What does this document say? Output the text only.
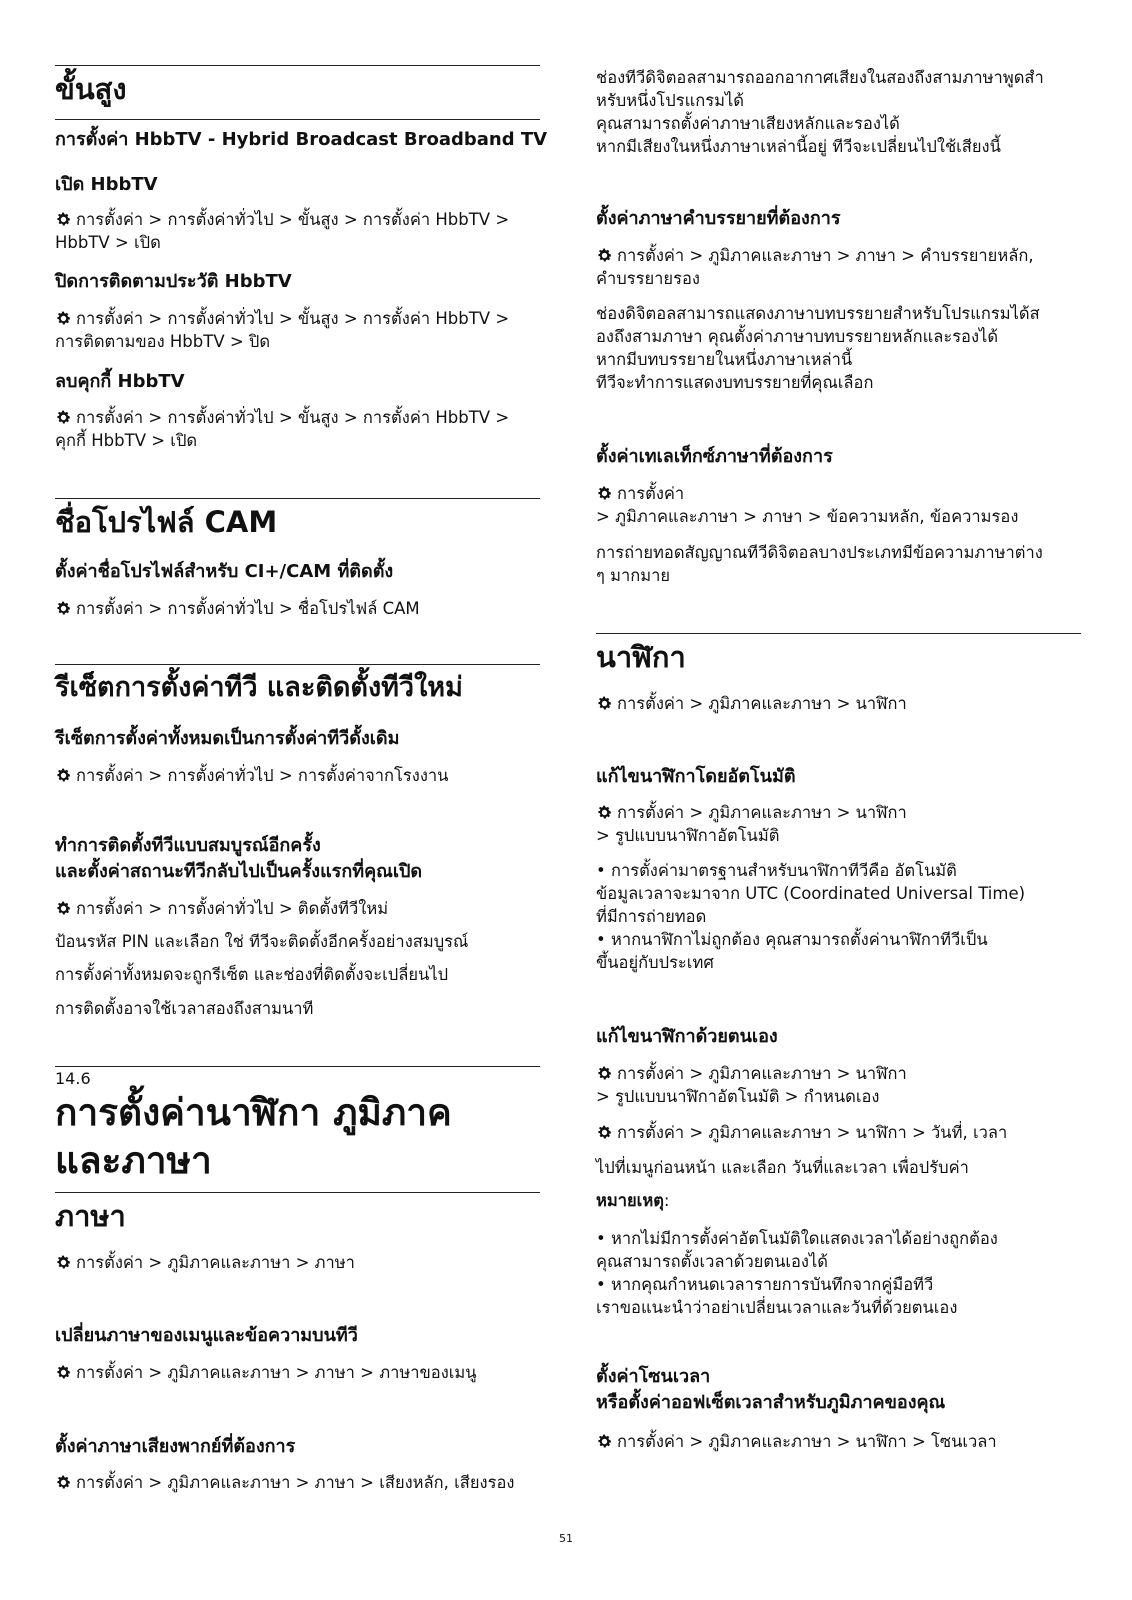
ขั้นสูง
การตั้งค่า HbbTV - Hybrid Broadcast Broadband TV
เปิด HbbTV
การตั้งค่า > การตั้งค่าทั่วไป > ขั้นสูง > การตั้งค่า HbbTV >
HbbTV > เปิด
ปิดการติดตามประวัติ HbbTV
การตั้งค่า > การตั้งค่าทั่วไป > ขั้นสูง > การตั้งค่า HbbTV >
การติดตามของ HbbTV > ปิด
ลบคุกกี้ HbbTV
การตั้งค่า > การตั้งค่าทั่วไป > ขั้นสูง > การตั้งค่า HbbTV >
คุกกี้ HbbTV > เปิด
ชื่อโปรไฟล์ CAM
ตั้งค่าชื่อโปรไฟล์สำหรับ CI+/CAM ที่ติดตั้ง
การตั้งค่า > การตั้งค่าทั่วไป > ชื่อโปรไฟล์ CAM
รีเซ็ตการตั้งค่าทีวี และติดตั้งทีวีใหม่
รีเซ็ตการตั้งค่าทั้งหมดเป็นการตั้งค่าทีวีดั้งเดิม
การตั้งค่า > การตั้งค่าทั่วไป > การตั้งค่าจากโรงงาน
ทำการติดตั้งทีวีแบบสมบูรณ์อีกครั้ง
และตั้งค่าสถานะทีวีกลับไปเป็นครั้งแรกที่คุณเปิด
การตั้งค่า > การตั้งค่าทั่วไป > ติดตั้งทีวีใหม่
ป้อนรหัส PIN และเลือก ใช่ ทีวีจะติดตั้งอีกครั้งอย่างสมบูรณ์
การตั้งค่าทั้งหมดจะถูกรีเซ็ต และช่องที่ติดตั้งจะเปลี่ยนไป
การติดตั้งอาจใช้เวลาสองถึงสามนาที
14.6
การตั้งค่านาฬิกา ภูมิภาค
และภาษา
ภาษา
การตั้งค่า > ภูมิภาคและภาษา > ภาษา
เปลี่ยนภาษาของเมนูและข้อความบนทีวี
การตั้งค่า > ภูมิภาคและภาษา > ภาษา > ภาษาของเมนู
ตั้งค่าภาษาเสียงพากย์ที่ต้องการ
การตั้งค่า > ภูมิภาคและภาษา > ภาษา > เสียงหลัก, เสียงรอง
ช่องทีวีดิจิตอลสามารถออกอากาศเสียงในสองถึงสามภาษาพูดสำ
หรับหนึ่งโปรแกรมได้
คุณสามารถตั้งค่าภาษาเสียงหลักและรองได้
หากมีเสียงในหนึ่งภาษาเหล่านี้อยู่ ทีวีจะเปลี่ยนไปใช้เสียงนี้
ตั้งค่าภาษาคำบรรยายที่ต้องการ
การตั้งค่า > ภูมิภาคและภาษา > ภาษา > คำบรรยายหลัก,
คำบรรยายรอง
ช่องดิจิตอลสามารถแสดงภาษาบทบรรยายสำหรับโปรแกรมได้ส
องถึงสามภาษา คุณตั้งค่าภาษาบทบรรยายหลักและรองได้
หากมีบทบรรยายในหนึ่งภาษาเหล่านี้
ทีวีจะทำการแสดงบทบรรยายที่คุณเลือก
ตั้งค่าเทเลเท็กซ์ภาษาที่ต้องการ
การตั้งค่า
> ภูมิภาคและภาษา > ภาษา > ข้อความหลัก, ข้อความรอง
การถ่ายทอดสัญญาณทีวีดิจิตอลบางประเภทมีข้อความภาษาต่าง
ๆ มากมาย
นาฬิกา
การตั้งค่า > ภูมิภาคและภาษา > นาฬิกา
แก้ไขนาฬิกาโดยอัตโนมัติ
การตั้งค่า > ภูมิภาคและภาษา > นาฬิกา
> รูปแบบนาฬิกาอัตโนมัติ
• การตั้งค่ามาตรฐานสำหรับนาฬิกาทีวีคือ อัตโนมัติ
ข้อมูลเวลาจะมาจาก UTC (Coordinated Universal Time)
ที่มีการถ่ายทอด
• หากนาฬิกาไม่ถูกต้อง คุณสามารถตั้งค่านาฬิกาทีวีเป็น
ขึ้นอยู่กับประเทศ
แก้ไขนาฬิกาด้วยตนเอง
การตั้งค่า > ภูมิภาคและภาษา > นาฬิกา
> รูปแบบนาฬิกาอัตโนมัติ > กำหนดเอง
การตั้งค่า > ภูมิภาคและภาษา > นาฬิกา > วันที่, เวลา
ไปที่เมนูก่อนหน้า และเลือก วันที่และเวลา เพื่อปรับค่า
หมายเหตุ:
• หากไม่มีการตั้งค่าอัตโนมัติใดแสดงเวลาได้อย่างถูกต้อง
คุณสามารถตั้งเวลาด้วยตนเองได้
• หากคุณกำหนดเวลารายการบันทึกจากคู่มือทีวี
เราขอแนะนำว่าอย่าเปลี่ยนเวลาและวันที่ด้วยตนเอง
ตั้งค่าโซนเวลา
หรือตั้งค่าออฟเซ็ตเวลาสำหรับภูมิภาคของคุณ
การตั้งค่า > ภูมิภาคและภาษา > นาฬิกา > โซนเวลา
51
